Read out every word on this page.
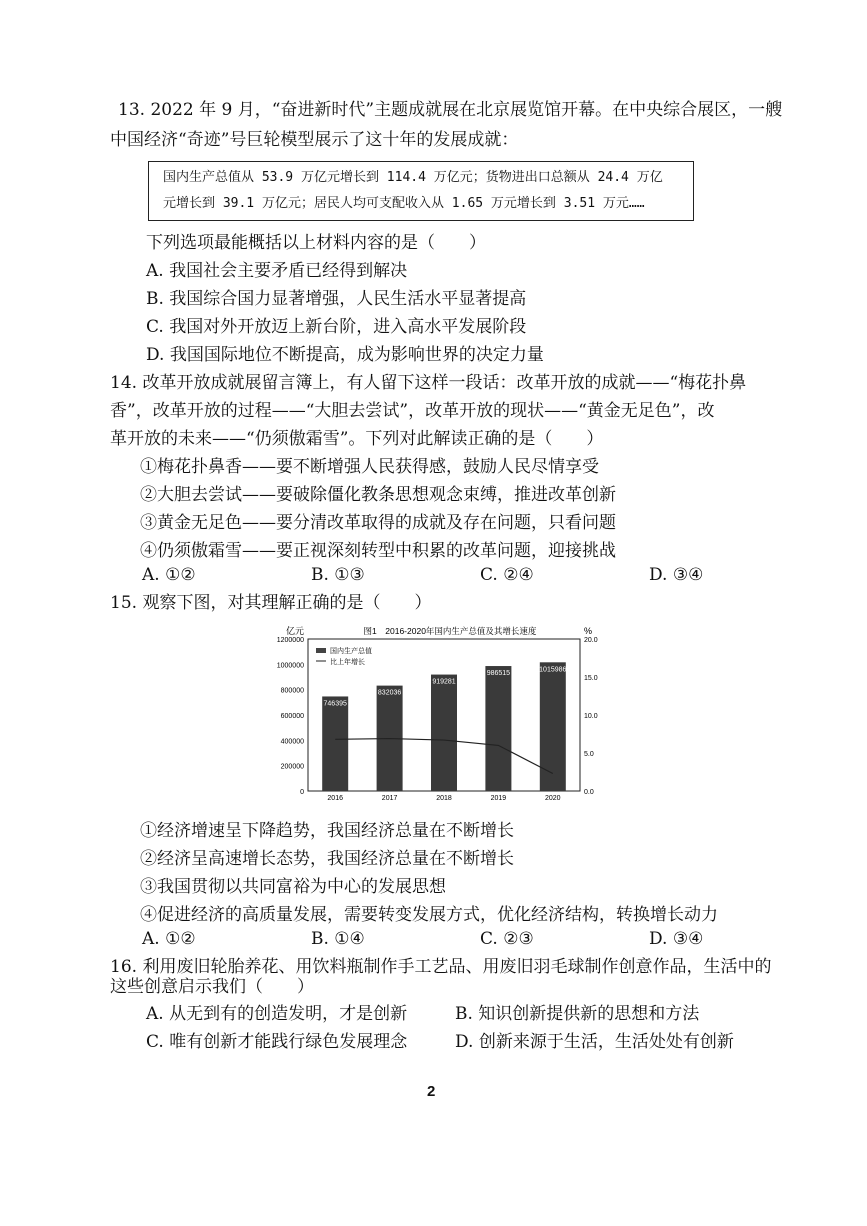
13. 2022 年 9 月，“奋进新时代”主题成就展在北京展览馆开幕。在中央综合展区，一艘
中国经济“奇迹”号巨轮模型展示了这十年的发展成就：
国内生产总值从 53.9 万亿元增长到 114.4 万亿元；货物进出口总额从 24.4 万亿
元增长到 39.1 万亿元；居民人均可支配收入从 1.65 万元增长到 3.51 万元……
下列选项最能概括以上材料内容的是（　　）
A. 我国社会主要矛盾已经得到解决
B. 我国综合国力显著增强，人民生活水平显著提高
C. 我国对外开放迈上新台阶，进入高水平发展阶段
D. 我国国际地位不断提高，成为影响世界的决定力量
14. 改革开放成就展留言簿上，有人留下这样一段话：改革开放的成就——“梅花扑鼻
香”，改革开放的过程——“大胆去尝试”，改革开放的现状——“黄金无足色”，改
革开放的未来——“仍须傲霜雪”。下列对此解读正确的是（　　）
①梅花扑鼻香——要不断增强人民获得感，鼓励人民尽情享受
②大胆去尝试——要破除僵化教条思想观念束缚，推进改革创新
③黄金无足色——要分清改革取得的成就及存在问题，只看问题
④仍须傲霜雪——要正视深刻转型中积累的改革问题，迎接挑战
A. ①②	B. ①③	C. ②④	D. ③④
15. 观察下图，对其理解正确的是（　　）
亿元	%
图1　2016-2020年国内生产总值及其增长速度
国内生产总值
比上年增长
0
200000
400000
600000
800000
1000000
1200000
0.0
5.0
10.0
15.0
20.0
746395
832036
919281
986515
1015986
2016	2017	2018	2019	2020
①经济增速呈下降趋势，我国经济总量在不断增长
②经济呈高速增长态势，我国经济总量在不断增长
③我国贯彻以共同富裕为中心的发展思想
④促进经济的高质量发展，需要转变发展方式，优化经济结构，转换增长动力
A. ①②	B. ①④	C. ②③	D. ③④
16. 利用废旧轮胎养花、用饮料瓶制作手工艺品、用废旧羽毛球制作创意作品，生活中的
这些创意启示我们（　　）
A. 从无到有的创造发明，才是创新	B. 知识创新提供新的思想和方法
C. 唯有创新才能践行绿色发展理念	D. 创新来源于生活，生活处处有创新
2
